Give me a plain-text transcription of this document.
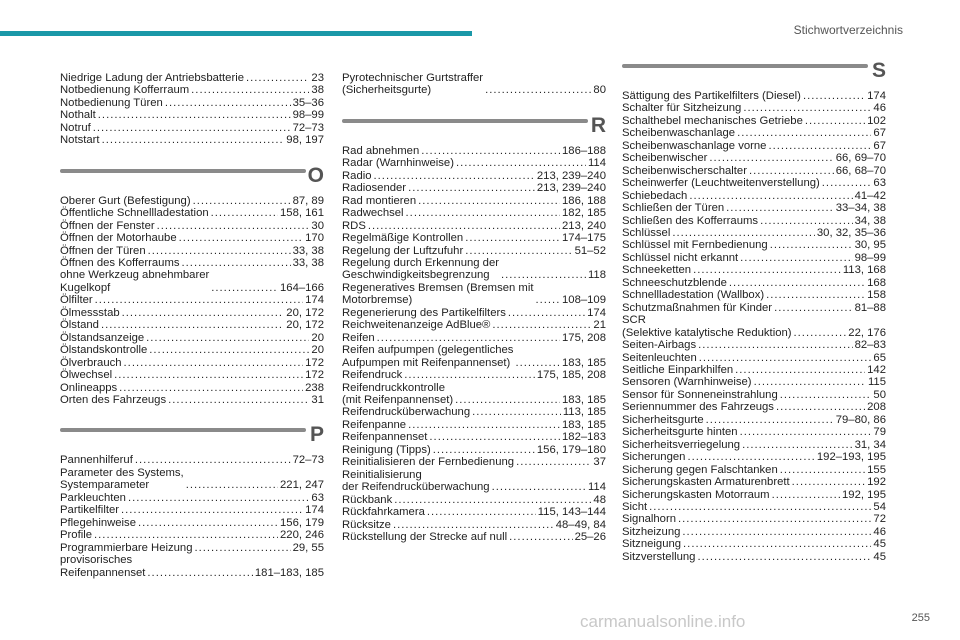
Stichwortverzeichnis
Niedrige Ladung der Antriebsbatterie .....	23
Notbedienung Kofferraum .....	38
Notbedienung Türen .....	35–36
Nothalt .....	98–99
Notruf .....	72–73
Notstart .....	98, 197
O
Oberer Gurt (Befestigung) .....	87, 89
Öffentliche Schnellladestation .....	158, 161
Öffnen der Fenster .....	30
Öffnen der Motorhaube .....	170
Öffnen der Türen .....	33, 38
Öffnen des Kofferraums .....	33, 38
ohne Werkzeug abnehmbarer
Kugelkopf .....	164–166
Ölfilter .....	174
Ölmessstab .....	20, 172
Ölstand .....	20, 172
Ölstandsanzeige .....	20
Ölstandskontrolle .....	20
Ölverbrauch .....	172
Ölwechsel .....	172
Onlineapps .....	238
Orten des Fahrzeugs .....	31
P
Pannenhilferuf .....	72–73
Parameter des Systems,
Systemparameter .....	221, 247
Parkleuchten .....	63
Partikelfilter .....	174
Pflegehinweise .....	156, 179
Profile .....	220, 246
Programmierbare Heizung .....	29, 55
provisorisches
Reifenpannenset .....	181–183, 185
Pyrotechnischer Gurtstraffer
(Sicherheitsgurte) .....	80
R
Rad abnehmen .....	186–188
Radar (Warnhinweise) .....	114
Radio .....	213, 239–240
Radiosender .....	213, 239–240
Rad montieren .....	186, 188
Radwechsel .....	182, 185
RDS .....	213, 240
Regelmäßige Kontrollen .....	174–175
Regelung der Luftzufuhr .....	51–52
Regelung durch Erkennung der
Geschwindigkeitsbegrenzung .....	118
Regeneratives Bremsen (Bremsen mit
Motorbremse) .....	108–109
Regenerierung des Partikelfilters .....	174
Reichweitenanzeige AdBlue® .....	21
Reifen .....	175, 208
Reifen aufpumpen (gelegentliches
Aufpumpen mit Reifenpannenset) .....	183, 185
Reifendruck .....	175, 185, 208
Reifendruckkontrolle
(mit Reifenpannenset) .....	183, 185
Reifendrucküberwachung .....	113, 185
Reifenpanne .....	183, 185
Reifenpannenset .....	182–183
Reinigung (Tipps) .....	156, 179–180
Reinitialisieren der Fernbedienung .....	37
Reinitialisierung
der Reifendrucküberwachung .....	114
Rückbank .....	48
Rückfahrkamera .....	115, 143–144
Rücksitze .....	48–49, 84
Rückstellung der Strecke auf null .....	25–26
S
Sättigung des Partikelfilters (Diesel) .....	174
Schalter für Sitzheizung .....	46
Schalthebel mechanisches Getriebe .....	102
Scheibenwaschanlage .....	67
Scheibenwaschanlage vorne .....	67
Scheibenwischer .....	66, 69–70
Scheibenwischerschalter .....	66, 68–70
Scheinwerfer (Leuchtweitenverstellung) .....	63
Schiebedach .....	41–42
Schließen der Türen .....	33–34, 38
Schließen des Kofferraums .....	34, 38
Schlüssel .....	30, 32, 35–36
Schlüssel mit Fernbedienung .....	30, 95
Schlüssel nicht erkannt .....	98–99
Schneeketten .....	113, 168
Schneeschutzblende .....	168
Schnellladestation (Wallbox) .....	158
Schutzmaßnahmen für Kinder .....	81–88
SCR
(Selektive katalytische Reduktion) .....	22, 176
Seiten-Airbags .....	82–83
Seitenleuchten .....	65
Seitliche Einparkhilfen .....	142
Sensoren (Warnhinweise) .....	115
Sensor für Sonneneinstrahlung .....	50
Seriennummer des Fahrzeugs .....	208
Sicherheitsgurte .....	79–80, 86
Sicherheitsgurte hinten .....	79
Sicherheitsverriegelung .....	31, 34
Sicherungen .....	192–193, 195
Sicherung gegen Falschtanken .....	155
Sicherungskasten Armaturenbrett .....	192
Sicherungskasten Motorraum .....	192, 195
Sicht .....	54
Signalhorn .....	72
Sitzheizung .....	46
Sitzneigung .....	45
Sitzverstellung .....	45
255
carmanualsonline.info
